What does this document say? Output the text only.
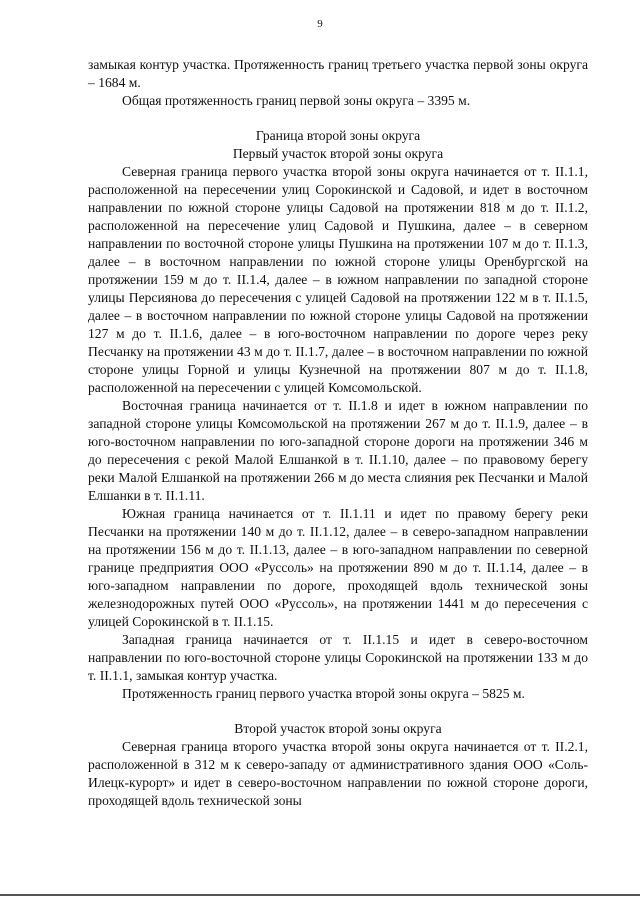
9

замыкая контур участка. Протяженность границ третьего участка первой зоны округа – 1684 м.

Общая протяженность границ первой зоны округа – 3395 м.

Граница второй зоны округа

Первый участок второй зоны округа

Северная граница первого участка второй зоны округа начинается от т. II.1.1, расположенной на пересечении улиц Сорокинской и Садовой, и идет в восточном направлении по южной стороне улицы Садовой на протяжении 818 м до т. II.1.2, расположенной на пересечение улиц Садовой и Пушкина, далее – в северном направлении по восточной стороне улицы Пушкина на протяжении 107 м до т. II.1.3, далее – в восточном направлении по южной стороне улицы Оренбургской на протяжении 159 м до т. II.1.4, далее – в южном направлении по западной стороне улицы Персиянова до пересечения с улицей Садовой на протяжении 122 м в т. II.1.5, далее – в восточном направлении по южной стороне улицы Садовой на протяжении 127 м до т. II.1.6, далее – в юго-восточном направлении по дороге через реку Песчанку на протяжении 43 м до т. II.1.7, далее – в восточном направлении по южной стороне улицы Горной и улицы Кузнечной на протяжении 807 м до т. II.1.8, расположенной на пересечении с улицей Комсомольской.

Восточная граница начинается от т. II.1.8 и идет в южном направлении по западной стороне улицы Комсомольской на протяжении 267 м до т. II.1.9, далее – в юго-восточном направлении по юго-западной стороне дороги на протяжении 346 м до пересечения с рекой Малой Елшанкой в т. II.1.10, далее – по правовому берегу реки Малой Елшанкой на протяжении 266 м до места слияния рек Песчанки и Малой Елшанки в т. II.1.11.

Южная граница начинается от т. II.1.11 и идет по правому берегу реки Песчанки на протяжении 140 м до т. II.1.12, далее – в северо-западном направлении на протяжении 156 м до т. II.1.13, далее – в юго-западном направлении по северной границе предприятия ООО «Руссоль» на протяжении 890 м до т. II.1.14, далее – в юго-западном направлении по дороге, проходящей вдоль технической зоны железнодорожных путей ООО «Руссоль», на протяжении 1441 м до пересечения с улицей Сорокинской в т. II.1.15.

Западная граница начинается от т. II.1.15 и идет в северо-восточном направлении по юго-восточной стороне улицы Сорокинской на протяжении 133 м до т. II.1.1, замыкая контур участка.

Протяженность границ первого участка второй зоны округа – 5825 м.

Второй участок второй зоны округа

Северная граница второго участка второй зоны округа начинается от т. II.2.1, расположенной в 312 м к северо-западу от административного здания ООО «Соль-Илецк-курорт» и идет в северо-восточном направлении по южной стороне дороги, проходящей вдоль технической зоны
